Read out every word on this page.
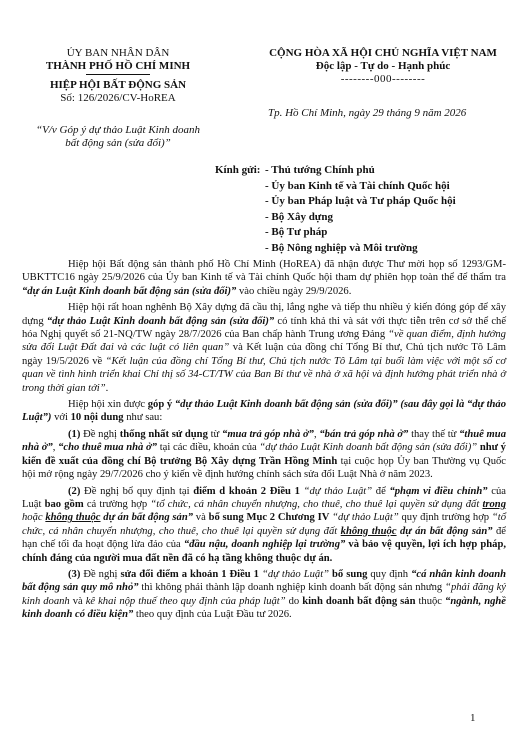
ỦY BAN NHÂN DÂN
THÀNH PHỐ HỒ CHÍ MINH
HIỆP HỘI BẤT ĐỘNG SẢN
Số: 126/2026/CV-HoREA
“V/v Góp ý dự thảo Luật Kinh doanh bất động sản (sửa đổi)”
CỘNG HÒA XÃ HỘI CHỦ NGHĨA VIỆT NAM
Độc lập - Tự do - Hạnh phúc
--------000--------
Tp. Hồ Chí Minh, ngày 29 tháng 9 năm 2026
Kính gửi: - Thủ tướng Chính phủ
- Ủy ban Kinh tế và Tài chính Quốc hội
- Ủy ban Pháp luật và Tư pháp Quốc hội
- Bộ Xây dựng
- Bộ Tư pháp
- Bộ Nông nghiệp và Môi trường

Hiệp hội Bất động sản thành phố Hồ Chí Minh (HoREA) đã nhận được Thư mời họp số 1293/GM-UBKTTC16 ngày 25/9/2026 của Ủy ban Kinh tế và Tài chính Quốc hội tham dự phiên họp toàn thể để thẩm tra “dự án Luật Kinh doanh bất động sản (sửa đổi)” vào chiều ngày 29/9/2026.

Hiệp hội rất hoan nghênh Bộ Xây dựng đã cầu thị, lắng nghe và tiếp thu nhiều ý kiến đóng góp để xây dựng “dự thảo Luật Kinh doanh bất động sản (sửa đổi)” có tính khả thi và sát với thực tiễn trên cơ sở thể chế hóa Nghị quyết số 21-NQ/TW ngày 28/7/2026 của Ban chấp hành Trung ương Đảng “về quan điểm, định hướng sửa đổi Luật Đất đai và các luật có liên quan” và Kết luận của đồng chí Tổng Bí thư, Chủ tịch nước Tô Lâm ngày 19/5/2026 về “Kết luận của đồng chí Tổng Bí thư, Chủ tịch nước Tô Lâm tại buổi làm việc với một số cơ quan về tình hình triển khai Chỉ thị số 34-CT/TW của Ban Bí thư về nhà ở xã hội và định hướng phát triển nhà ở trong thời gian tới”.

Hiệp hội xin được góp ý “dự thảo Luật Kinh doanh bất động sản (sửa đổi)” (sau đây gọi là “dự thảo Luật”) với 10 nội dung như sau:

(1) Đề nghị thống nhất sử dụng từ “mua trả góp nhà ở”, “bán trả góp nhà ở” thay thế từ “thuê mua nhà ở”, “cho thuê mua nhà ở” tại các điều, khoản của “dự thảo Luật Kinh doanh bất động sản (sửa đổi)” như ý kiến đề xuất của đồng chí Bộ trưởng Bộ Xây dựng Trần Hồng Minh tại cuộc họp Ủy ban Thường vụ Quốc hội mở rộng ngày 29/7/2026 cho ý kiến về định hướng chính sách sửa đổi Luật Nhà ở năm 2023.

(2) Đề nghị bổ quy định tại điểm d khoản 2 Điều 1 “dự thảo Luật” để “phạm vi điều chỉnh” của Luật bao gồm cả trường hợp “tổ chức, cá nhân chuyển nhượng, cho thuê, cho thuê lại quyền sử dụng đất trong hoặc không thuộc dự án bất động sản” và bổ sung Mục 2 Chương IV “dự thảo Luật” quy định trường hợp “tổ chức, cá nhân chuyển nhượng, cho thuê, cho thuê lại quyền sử dụng đất không thuộc dự án bất động sản” để hạn chế tối đa hoạt động lừa đảo của “đầu nậu, doanh nghiệp lại trường” và bảo vệ quyền, lợi ích hợp pháp, chính đáng của người mua đất nền đã có hạ tầng không thuộc dự án.

(3) Đề nghị sửa đổi điểm a khoản 1 Điều 1 “dự thảo Luật” bổ sung quy định “cá nhân kinh doanh bất động sản quy mô nhỏ” thì không phải thành lập doanh nghiệp kinh doanh bất động sản nhưng “phải đăng ký kinh doanh và kê khai nộp thuế theo quy định của pháp luật” do kinh doanh bất động sản thuộc “ngành, nghề kinh doanh có điều kiện” theo quy định của Luật Đầu tư 2026.

1
